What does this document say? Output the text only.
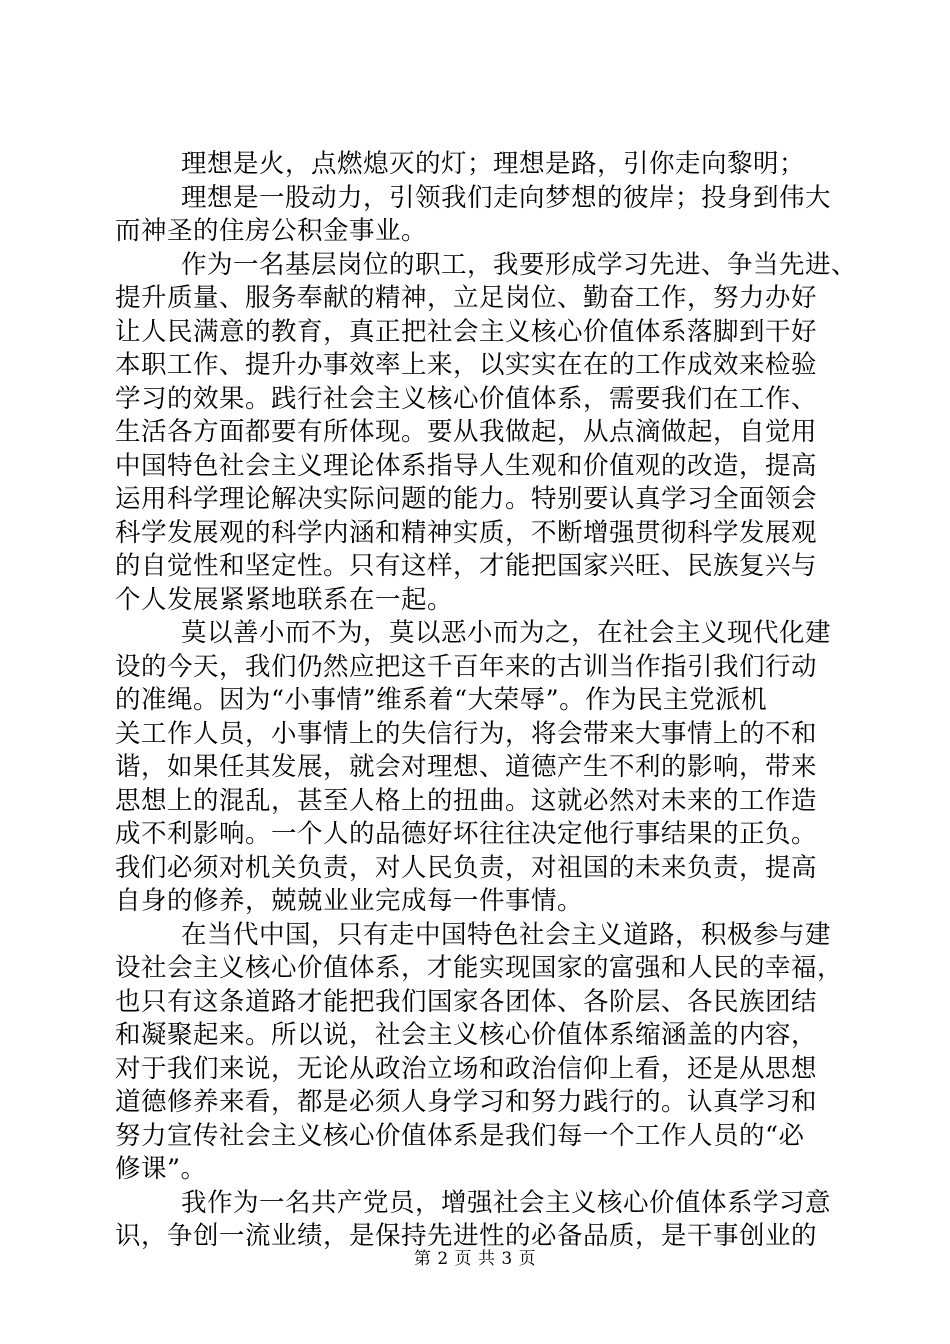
理想是火，点燃熄灭的灯；理想是路，引你走向黎明；
理想是一股动力，引领我们走向梦想的彼岸；投身到伟大
而神圣的住房公积金事业。
作为一名基层岗位的职工，我要形成学习先进、争当先进、
提升质量、服务奉献的精神，立足岗位、勤奋工作，努力办好
让人民满意的教育，真正把社会主义核心价值体系落脚到干好
本职工作、提升办事效率上来，以实实在在的工作成效来检验
学习的效果。践行社会主义核心价值体系，需要我们在工作、
生活各方面都要有所体现。要从我做起，从点滴做起，自觉用
中国特色社会主义理论体系指导人生观和价值观的改造，提高
运用科学理论解决实际问题的能力。特别要认真学习全面领会
科学发展观的科学内涵和精神实质，不断增强贯彻科学发展观
的自觉性和坚定性。只有这样，才能把国家兴旺、民族复兴与
个人发展紧紧地联系在一起。
莫以善小而不为，莫以恶小而为之，在社会主义现代化建
设的今天，我们仍然应把这千百年来的古训当作指引我们行动
的准绳。因为“小事情”维系着“大荣辱”。作为民主党派机
关工作人员，小事情上的失信行为，将会带来大事情上的不和
谐，如果任其发展，就会对理想、道德产生不利的影响，带来
思想上的混乱，甚至人格上的扭曲。这就必然对未来的工作造
成不利影响。一个人的品德好坏往往决定他行事结果的正负。
我们必须对机关负责，对人民负责，对祖国的未来负责，提高
自身的修养，兢兢业业完成每一件事情。
在当代中国，只有走中国特色社会主义道路，积极参与建
设社会主义核心价值体系，才能实现国家的富强和人民的幸福，
也只有这条道路才能把我们国家各团体、各阶层、各民族团结
和凝聚起来。所以说，社会主义核心价值体系缩涵盖的内容，
对于我们来说，无论从政治立场和政治信仰上看，还是从思想
道德修养来看，都是必须人身学习和努力践行的。认真学习和
努力宣传社会主义核心价值体系是我们每一个工作人员的“必
修课”。
我作为一名共产党员，增强社会主义核心价值体系学习意
识，争创一流业绩，是保持先进性的必备品质，是干事创业的
第 2 页 共 3 页
